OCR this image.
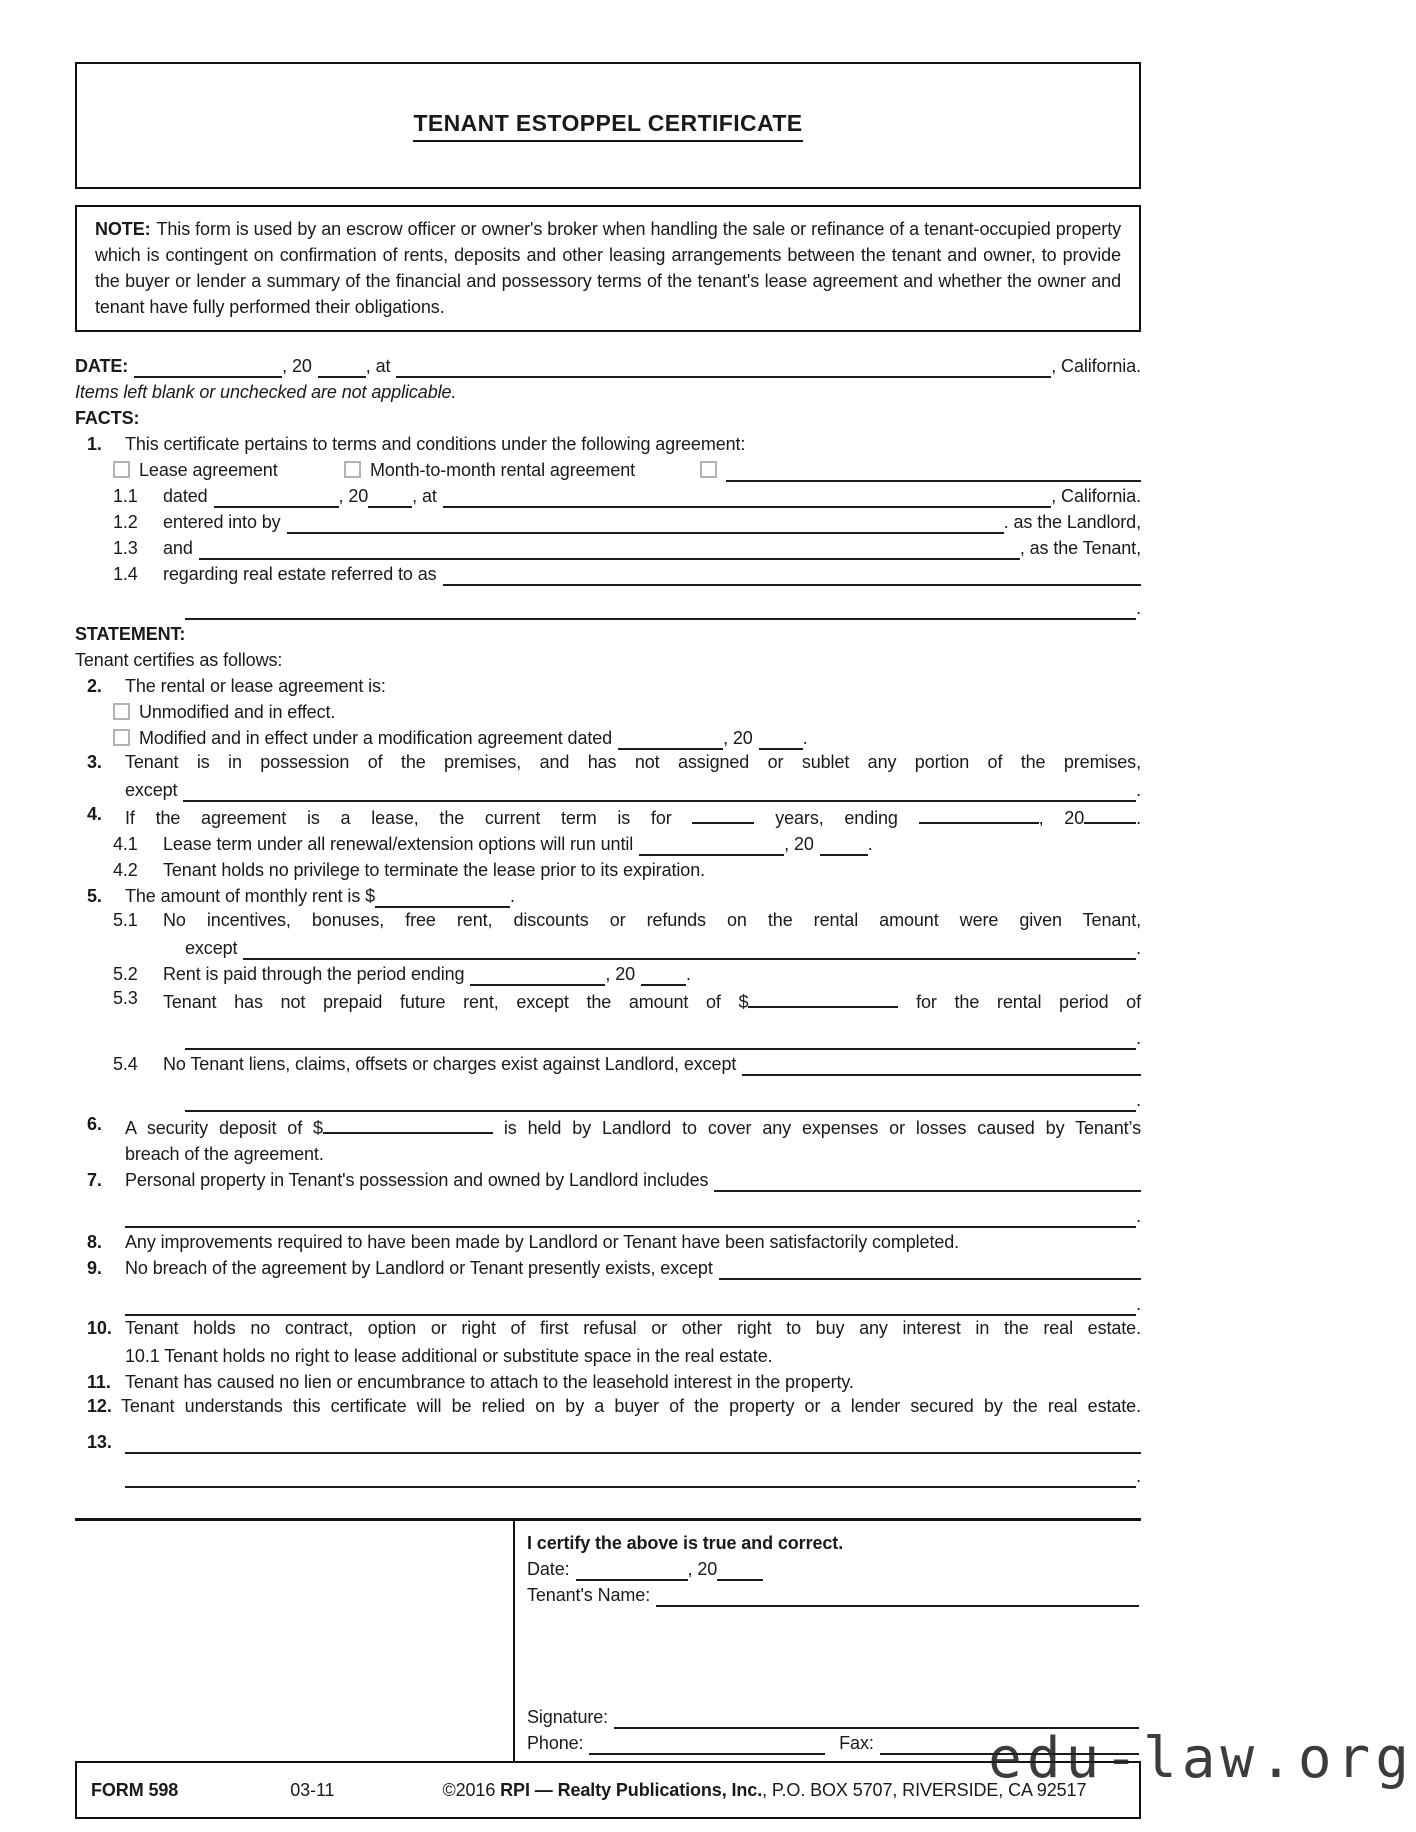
TENANT ESTOPPEL CERTIFICATE
NOTE: This form is used by an escrow officer or owner's broker when handling the sale or refinance of a tenant-occupied property which is contingent on confirmation of rents, deposits and other leasing arrangements between the tenant and owner, to provide the buyer or lender a summary of the financial and possessory terms of the tenant's lease agreement and whether the owner and tenant have fully performed their obligations.
DATE:	, 20	, at	, California.
Items left blank or unchecked are not applicable.
FACTS:
1.	This certificate pertains to terms and conditions under the following agreement:
Lease agreement	Month-to-month rental agreement
1.1	dated	, 20 , at	, California.
1.2	entered into by	. as the Landlord,
1.3	and	, as the Tenant,
1.4	regarding real estate referred to as
.
STATEMENT:
Tenant certifies as follows:
2.	The rental or lease agreement is:
Unmodified and in effect.
Modified and in effect under a modification agreement dated	, 20	.
3.	Tenant is in possession of the premises, and has not assigned or sublet any portion of the premises,
except	.
4.	If the agreement is a lease, the current term is for	years, ending	, 20	.
4.1	Lease term under all renewal/extension options will run until	, 20	.
4.2	Tenant holds no privilege to terminate the lease prior to its expiration.
5.	The amount of monthly rent is $	.
5.1	No incentives, bonuses, free rent, discounts or refunds on the rental amount were given Tenant,
except	.
5.2	Rent is paid through the period ending	, 20	.
5.3	Tenant has not prepaid future rent, except the amount of $	for the rental period of
.
5.4	No Tenant liens, claims, offsets or charges exist against Landlord, except
.
6.	A security deposit of $	is held by Landlord to cover any expenses or losses caused by Tenant’s
breach of the agreement.
7.	Personal property in Tenant's possession and owned by Landlord includes
.
8.	Any improvements required to have been made by Landlord or Tenant have been satisfactorily completed.
9.	No breach of the agreement by Landlord or Tenant presently exists, except
.
10. Tenant holds no contract, option or right of first refusal or other right to buy any interest in the real estate.
10.1 Tenant holds no right to lease additional or substitute space in the real estate.
11. Tenant has caused no lien or encumbrance to attach to the leasehold interest in the property.
12. Tenant understands this certificate will be relied on by a buyer of the property or a lender secured by the real estate.
13.
.
I certify the above is true and correct.
Date:	, 20
Tenant's Name:
Signature:
Phone:	Fax:
FORM 598	03-11	©2016 RPI — Realty Publications, Inc., P.O. BOX 5707, RIVERSIDE, CA 92517
edu-law.org
